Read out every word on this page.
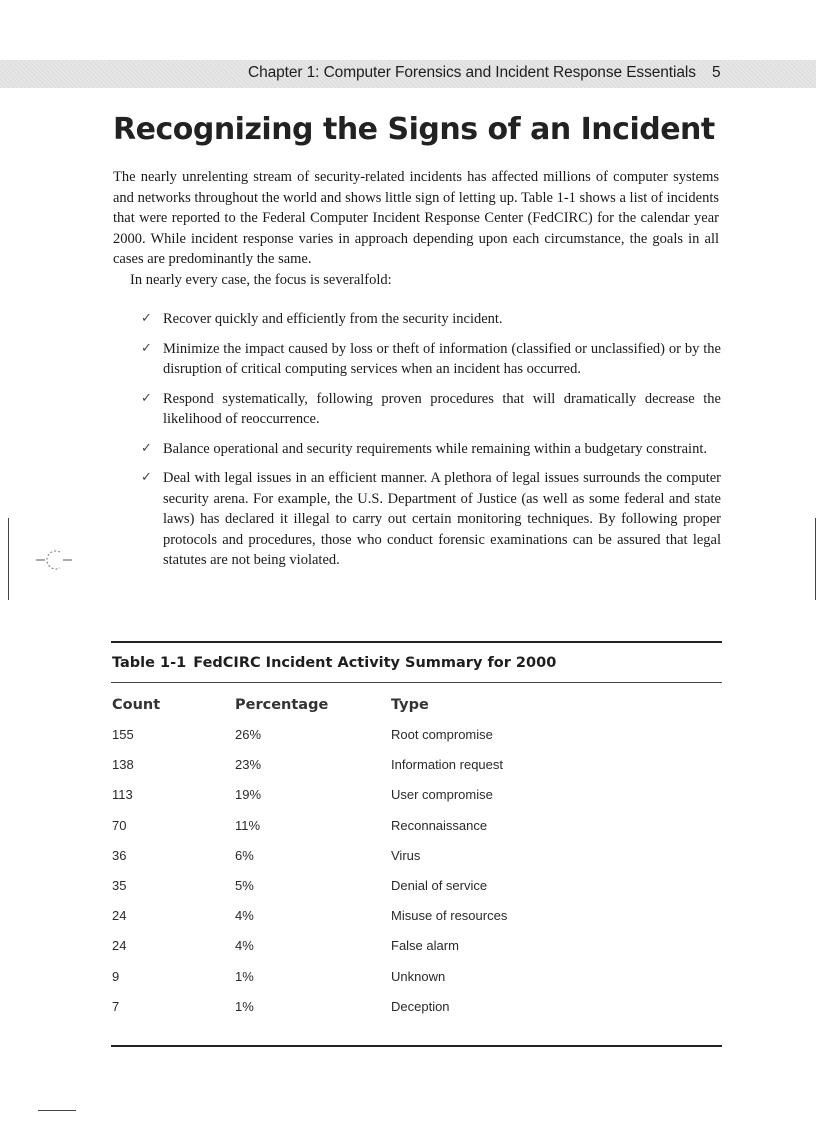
Chapter 1: Computer Forensics and Incident Response Essentials 5
Recognizing the Signs of an Incident

The nearly unrelenting stream of security-related incidents has affected millions of computer systems and networks throughout the world and shows little sign of letting up. Table 1-1 shows a list of incidents that were reported to the Federal Computer Incident Response Center (FedCIRC) for the calendar year 2000. While incident response varies in approach depending upon each circumstance, the goals in all cases are predominantly the same.

In nearly every case, the focus is severalfold:

✓ Recover quickly and efficiently from the security incident.
✓ Minimize the impact caused by loss or theft of information (classified or unclassified) or by the disruption of critical computing services when an incident has occurred.
✓ Respond systematically, following proven procedures that will dramatically decrease the likelihood of reoccurrence.
✓ Balance operational and security requirements while remaining within a budgetary constraint.
✓ Deal with legal issues in an efficient manner. A plethora of legal issues surrounds the computer security arena. For example, the U.S. Department of Justice (as well as some federal and state laws) has declared it illegal to carry out certain monitoring techniques. By following proper protocols and procedures, those who conduct forensic examinations can be assured that legal statutes are not being violated.
Table 1-1 FedCIRC Incident Activity Summary for 2000
Count	Percentage	Type
155	26%	Root compromise
138	23%	Information request
113	19%	User compromise
70	11%	Reconnaissance
36	6%	Virus
35	5%	Denial of service
24	4%	Misuse of resources
24	4%	False alarm
9	1%	Unknown
7	1%	Deception
